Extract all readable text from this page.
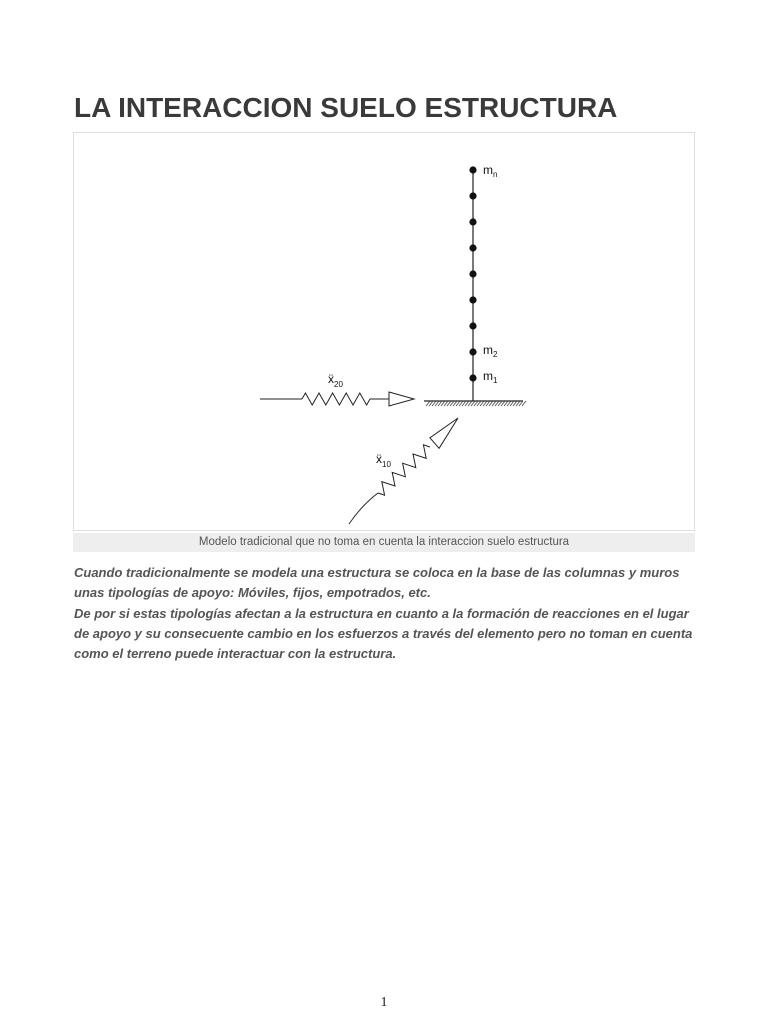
LA INTERACCION SUELO ESTRUCTURA
$m_n$
$m_2$
$m_1$
ẍ$_{20}$
ẍ$_{10}$
Modelo tradicional que no toma en cuenta la interaccion suelo estructura

Cuando tradicionalmente se modela una estructura se coloca en la base de las columnas y muros unas tipologías de apoyo: Móviles, fijos, empotrados, etc.

De por si estas tipologías afectan a la estructura en cuanto a la formación de reacciones en el lugar de apoyo y su consecuente cambio en los esfuerzos a través del elemento pero no toman en cuenta como el terreno puede interactuar con la estructura.

1
